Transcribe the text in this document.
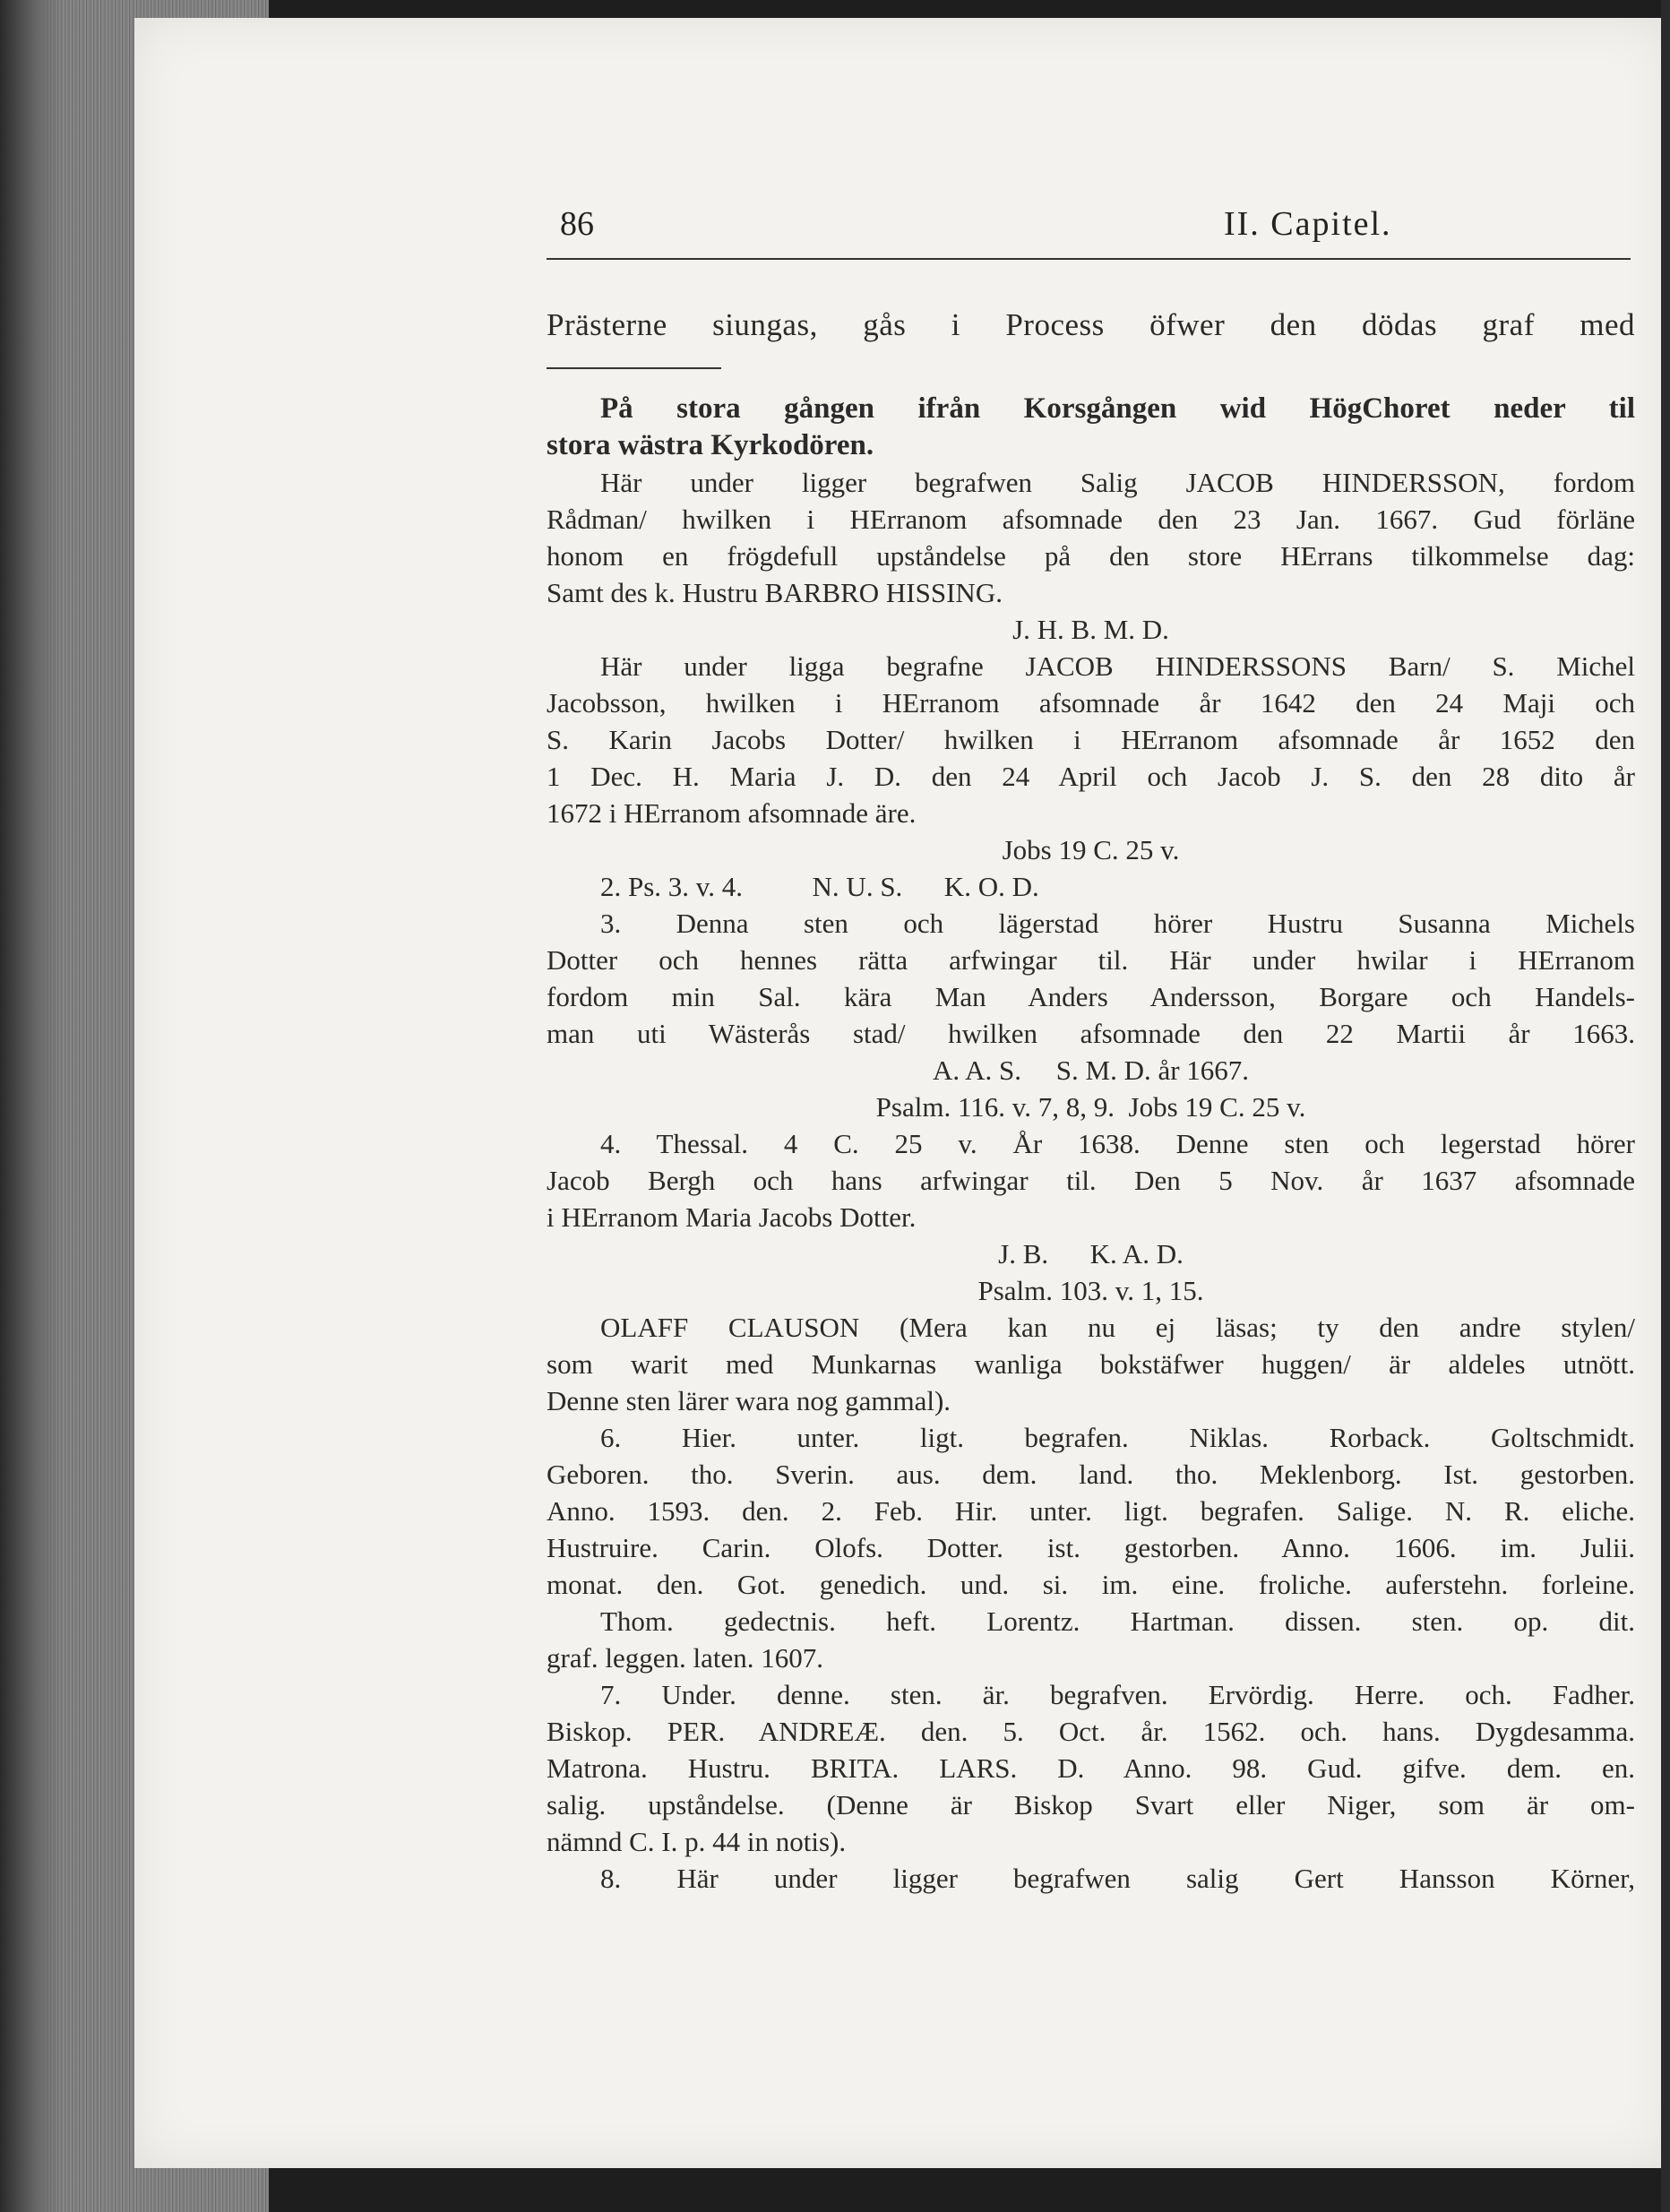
86	II. Capitel.
Prästerne siungas, gås i Process öfwer den dödas graf med
På stora gången ifrån Korsgången wid HögChoret neder til
stora wästra Kyrkodören.
Här under ligger begrafwen Salig JACOB HINDERSSON, fordom
Rådman/ hwilken i HErranom afsomnade den 23 Jan. 1667. Gud förläne
honom en frögdefull upståndelse på den store HErrans tilkommelse dag:
Samt des k. Hustru BARBRO HISSING.
J. H. B. M. D.
Här under ligga begrafne JACOB HINDERSSONS Barn/ S. Michel
Jacobsson, hwilken i HErranom afsomnade år 1642 den 24 Maji och
S. Karin Jacobs Dotter/ hwilken i HErranom afsomnade år 1652 den
1 Dec. H. Maria J. D. den 24 April och Jacob J. S. den 28 dito år
1672 i HErranom afsomnade äre.
Jobs 19 C. 25 v.
2. Ps. 3. v. 4.          N. U. S.      K. O. D.
3. Denna sten och lägerstad hörer Hustru Susanna Michels
Dotter och hennes rätta arfwingar til. Här under hwilar i HErranom
fordom min Sal. kära Man Anders Andersson, Borgare och Handels-
man uti Wästerås stad/ hwilken afsomnade den 22 Martii år 1663.
A. A. S.     S. M. D. år 1667.
Psalm. 116. v. 7, 8, 9.  Jobs 19 C. 25 v.
4. Thessal. 4 C. 25 v. År 1638. Denne sten och legerstad hörer
Jacob Bergh och hans arfwingar til. Den 5 Nov. år 1637 afsomnade
i HErranom Maria Jacobs Dotter.
J. B.      K. A. D.
Psalm. 103. v. 1, 15.
OLAFF CLAUSON (Mera kan nu ej läsas; ty den andre stylen/
som warit med Munkarnas wanliga bokstäfwer huggen/ är aldeles utnött.
Denne sten lärer wara nog gammal).
6. Hier. unter. ligt. begrafen. Niklas. Rorback. Goltschmidt.
Geboren. tho. Sverin. aus. dem. land. tho. Meklenborg. Ist. gestorben.
Anno. 1593. den. 2. Feb. Hir. unter. ligt. begrafen. Salige. N. R. eliche.
Hustruire. Carin. Olofs. Dotter. ist. gestorben. Anno. 1606. im. Julii.
monat. den. Got. genedich. und. si. im. eine. froliche. auferstehn. forleine.
Thom. gedectnis. heft. Lorentz. Hartman. dissen. sten. op. dit.
graf. leggen. laten. 1607.
7. Under. denne. sten. är. begrafven. Ervördig. Herre. och. Fadher.
Biskop. PER. ANDREÆ. den. 5. Oct. år. 1562. och. hans. Dygdesamma.
Matrona. Hustru. BRITA. LARS. D. Anno. 98. Gud. gifve. dem. en.
salig. upståndelse. (Denne är Biskop Svart eller Niger, som är om-
nämnd C. I. p. 44 in notis).
8. Här under ligger begrafwen salig Gert Hansson Körner,
